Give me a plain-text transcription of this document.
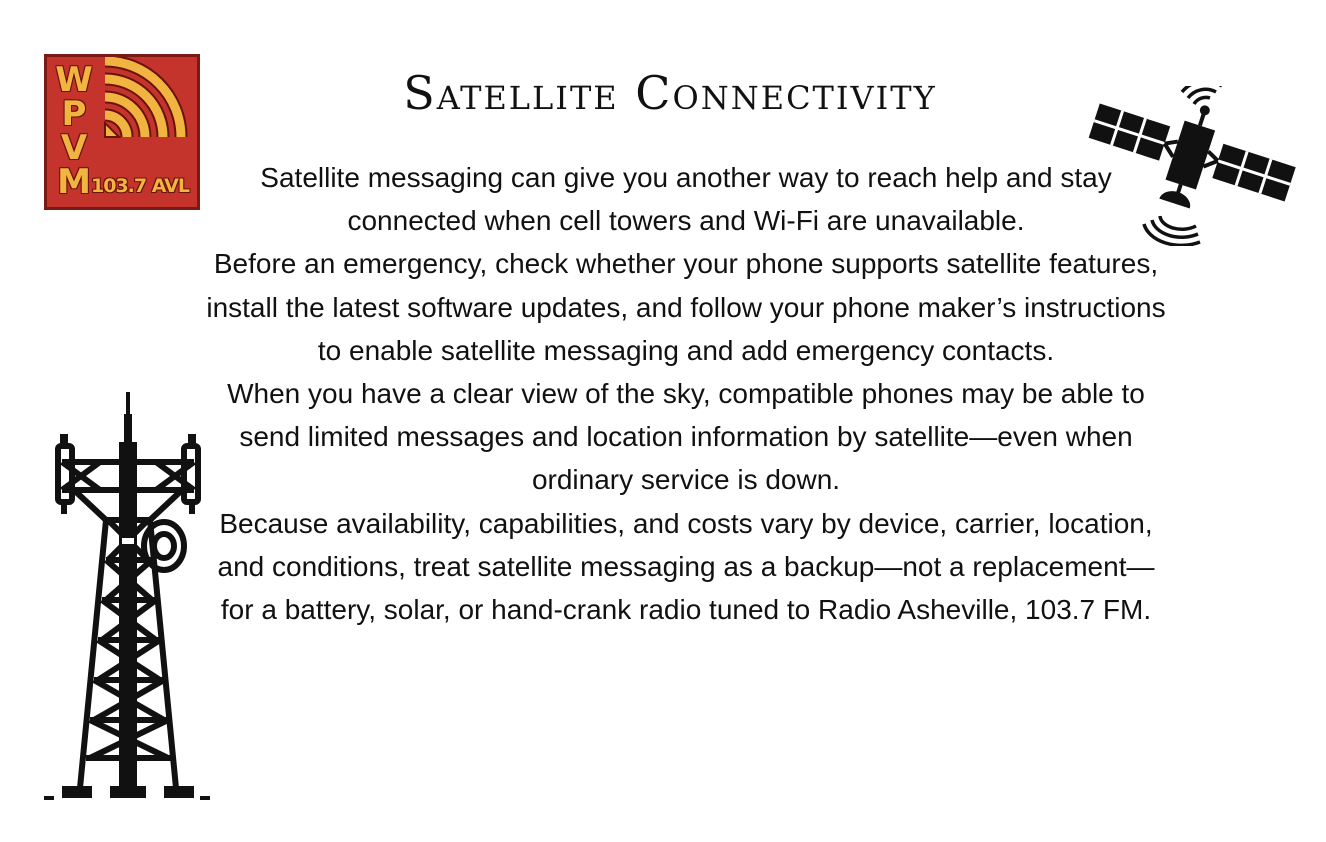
W
P
V
M 103.7 AVL
Satellite Connectivity

Satellite messaging can give you another way to reach help and stay connected when cell towers and Wi-Fi are unavailable.

Before an emergency, check whether your phone supports satellite features, install the latest software updates, and follow your phone maker’s instructions to enable satellite messaging and add emergency contacts.

When you have a clear view of the sky, compatible phones may be able to send limited messages and location information by satellite—even when ordinary service is down.

Because availability, capabilities, and costs vary by device, carrier, location, and conditions, treat satellite messaging as a backup—not a replacement—for a battery, solar, or hand-crank radio tuned to Radio Asheville, 103.7 FM.
